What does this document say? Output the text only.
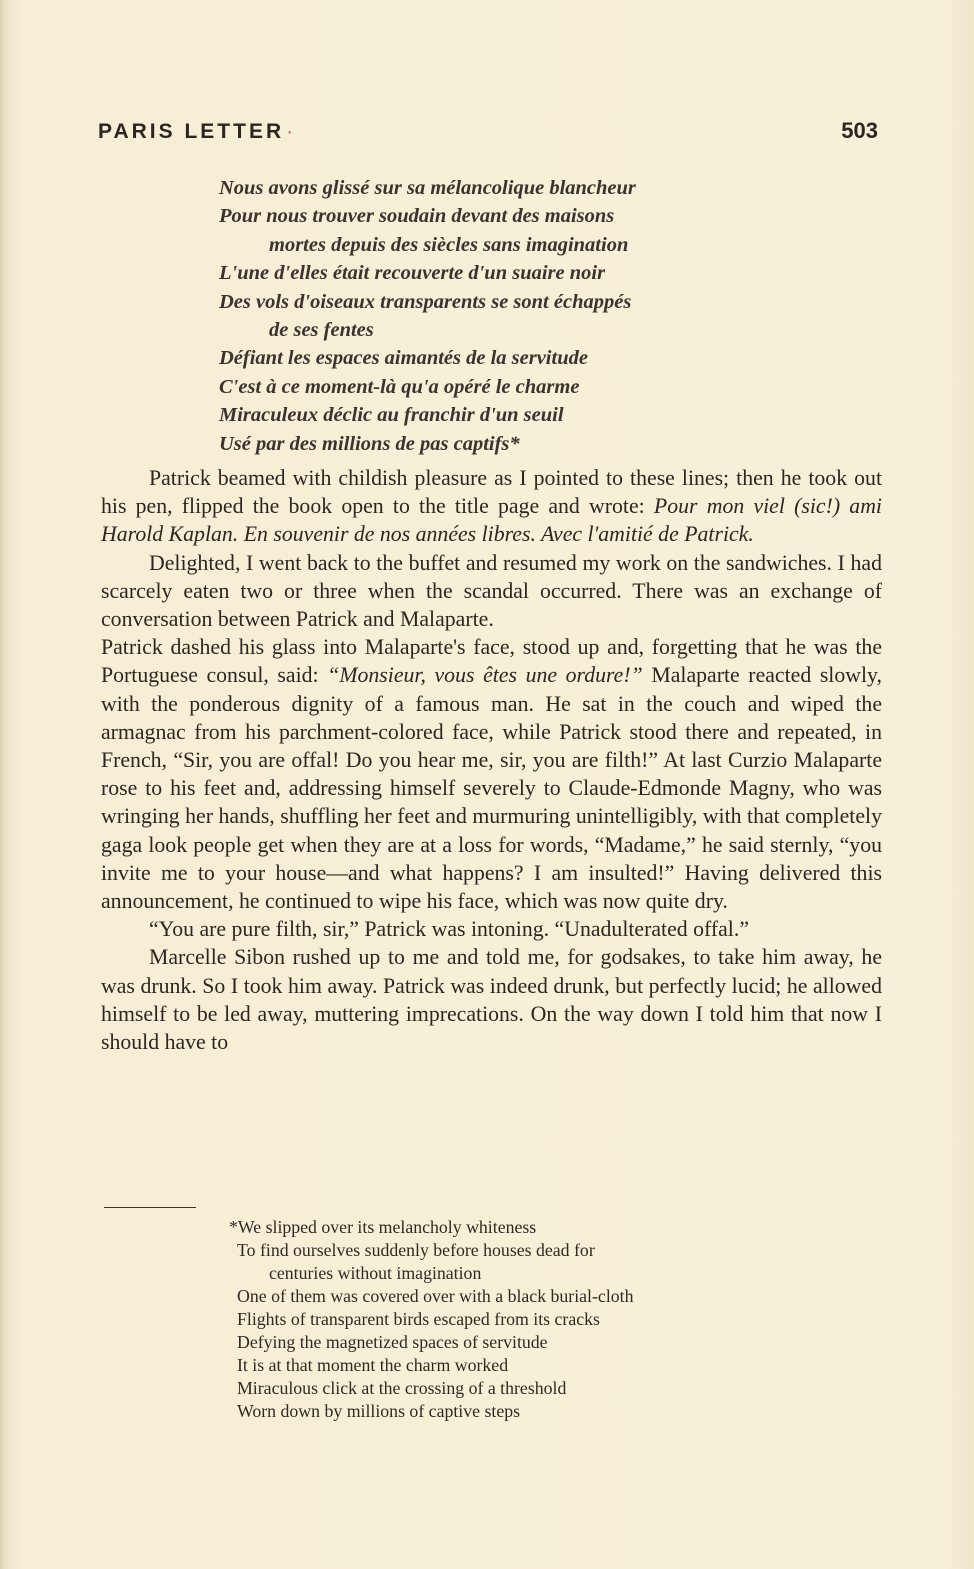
PARIS LETTER·	503
Nous avons glissé sur sa mélancolique blancheur
Pour nous trouver soudain devant des maisons
mortes depuis des siècles sans imagination
L'une d'elles était recouverte d'un suaire noir
Des vols d'oiseaux transparents se sont échappés
de ses fentes
Défiant les espaces aimantés de la servitude
C'est à ce moment-là qu'a opéré le charme
Miraculeux déclic au franchir d'un seuil
Usé par des millions de pas captifs*

Patrick beamed with childish pleasure as I pointed to these lines; then he took out his pen, flipped the book open to the title page and wrote: Pour mon viel (sic!) ami Harold Kaplan. En souvenir de nos années libres. Avec l'amitié de Patrick.

Delighted, I went back to the buffet and resumed my work on the sandwiches. I had scarcely eaten two or three when the scandal occurred. There was an exchange of conversation between Patrick and Malaparte.

Patrick dashed his glass into Malaparte's face, stood up and, forgetting that he was the Portuguese consul, said: “Monsieur, vous êtes une ordure!” Malaparte reacted slowly, with the ponderous dignity of a famous man. He sat in the couch and wiped the armagnac from his parchment-colored face, while Patrick stood there and repeated, in French, “Sir, you are offal! Do you hear me, sir, you are filth!” At last Curzio Malaparte rose to his feet and, addressing himself severely to Claude-Edmonde Magny, who was wringing her hands, shuffling her feet and murmuring unintelligibly, with that completely gaga look people get when they are at a loss for words, “Madame,” he said sternly, “you invite me to your house—and what happens? I am insulted!” Having delivered this announcement, he continued to wipe his face, which was now quite dry.

“You are pure filth, sir,” Patrick was intoning. “Unadulterated offal.”

Marcelle Sibon rushed up to me and told me, for godsakes, to take him away, he was drunk. So I took him away. Patrick was indeed drunk, but perfectly lucid; he allowed himself to be led away, muttering imprecations. On the way down I told him that now I should have to

*We slipped over its melancholy whiteness
To find ourselves suddenly before houses dead for
centuries without imagination
One of them was covered over with a black burial-cloth
Flights of transparent birds escaped from its cracks
Defying the magnetized spaces of servitude
It is at that moment the charm worked
Miraculous click at the crossing of a threshold
Worn down by millions of captive steps
